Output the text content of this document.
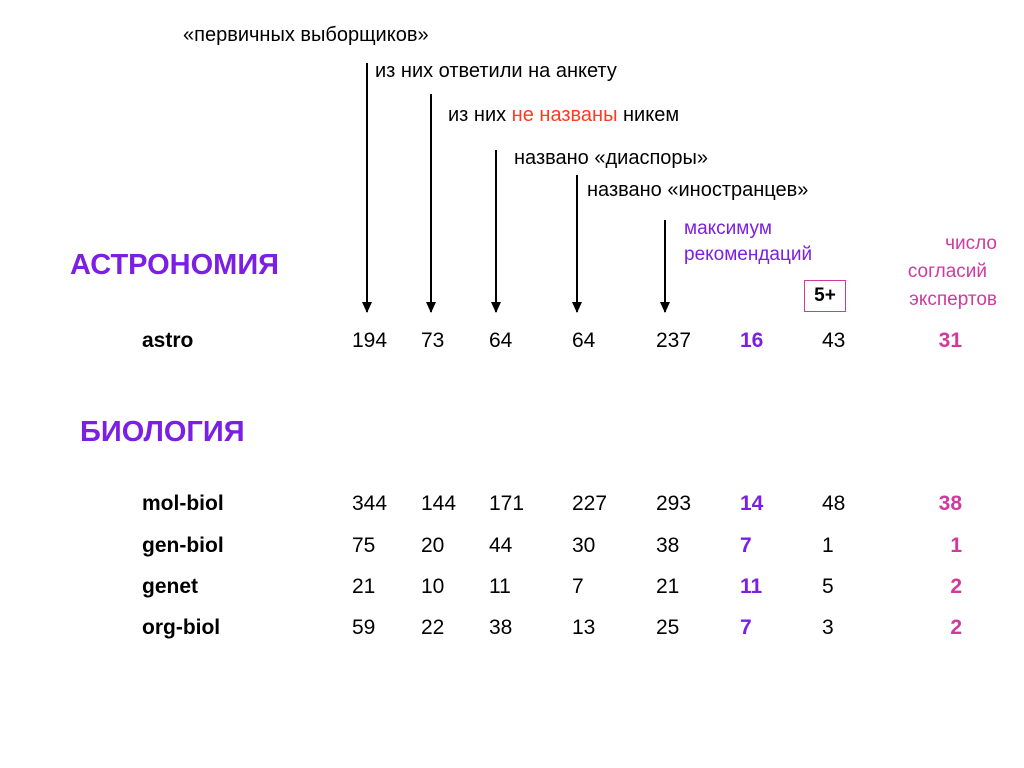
«первичных выборщиков»
из них ответили на анкету
из них не названы никем
названо «диаспоры»
названо «иностранцев»
максимум
рекомендаций
5+
число
согласий
экспертов
АСТРОНОМИЯ
БИОЛОГИЯ
astro	194 73 64	64	237 16	43	31
mol-biol	344 144 171 227 293 14	48	38
gen-biol	75 20 44	30	38	7	1	1
genet	21 10 11	7	21	11	5	2
org-biol	59 22 38	13	25	7	3	2
